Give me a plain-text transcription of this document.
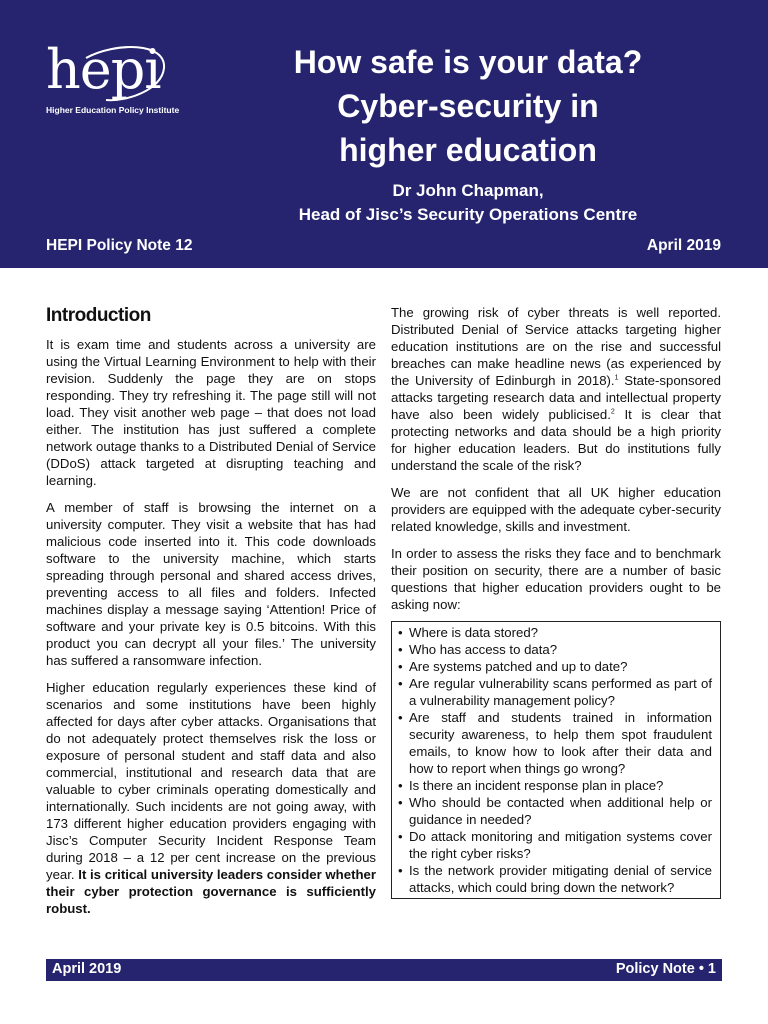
hepi
Higher Education Policy Institute
How safe is your data?
Cyber-security in
higher education
Dr John Chapman,
Head of Jisc’s Security Operations Centre
HEPI Policy Note 12	April 2019
Introduction

It is exam time and students across a university are using the Virtual Learning Environment to help with their revision. Suddenly the page they are on stops responding. They try refreshing it. The page still will not load. They visit another web page – that does not load either. The institution has just suffered a complete network outage thanks to a Distributed Denial of Service (DDoS) attack targeted at disrupting teaching and learning.

A member of staff is browsing the internet on a university computer. They visit a website that has had malicious code inserted into it. This code downloads software to the university machine, which starts spreading through personal and shared access drives, preventing access to all files and folders. Infected machines display a message saying ‘Attention! Price of software and your private key is 0.5 bitcoins. With this product you can decrypt all your files.’ The university has suffered a ransomware infection.

Higher education regularly experiences these kind of scenarios and some institutions have been highly affected for days after cyber attacks. Organisations that do not adequately protect themselves risk the loss or exposure of personal student and staff data and also commercial, institutional and research data that are valuable to cyber criminals operating domestically and internationally. Such incidents are not going away, with 173 different higher education providers engaging with Jisc’s Computer Security Incident Response Team during 2018 – a 12 per cent increase on the previous year. It is critical university leaders consider whether their cyber protection governance is sufficiently robust.

The growing risk of cyber threats is well reported. Distributed Denial of Service attacks targeting higher education institutions are on the rise and successful breaches can make headline news (as experienced by the University of Edinburgh in 2018).$^1$ State-sponsored attacks targeting research data and intellectual property have also been widely publicised.$^2$ It is clear that protecting networks and data should be a high priority for higher education leaders. But do institutions fully understand the scale of the risk?

We are not confident that all UK higher education providers are equipped with the adequate cyber-security related knowledge, skills and investment.

In order to assess the risks they face and to benchmark their position on security, there are a number of basic questions that higher education providers ought to be asking now:

• Where is data stored?
• Who has access to data?
• Are systems patched and up to date?
• Are regular vulnerability scans performed as part of a vulnerability management policy?
• Are staff and students trained in information security awareness, to help them spot fraudulent emails, to know how to look after their data and how to report when things go wrong?
• Is there an incident response plan in place?
• Who should be contacted when additional help or guidance in needed?
• Do attack monitoring and mitigation systems cover the right cyber risks?
• Is the network provider mitigating denial of service attacks, which could bring down the network?
April 2019	Policy Note • 1
